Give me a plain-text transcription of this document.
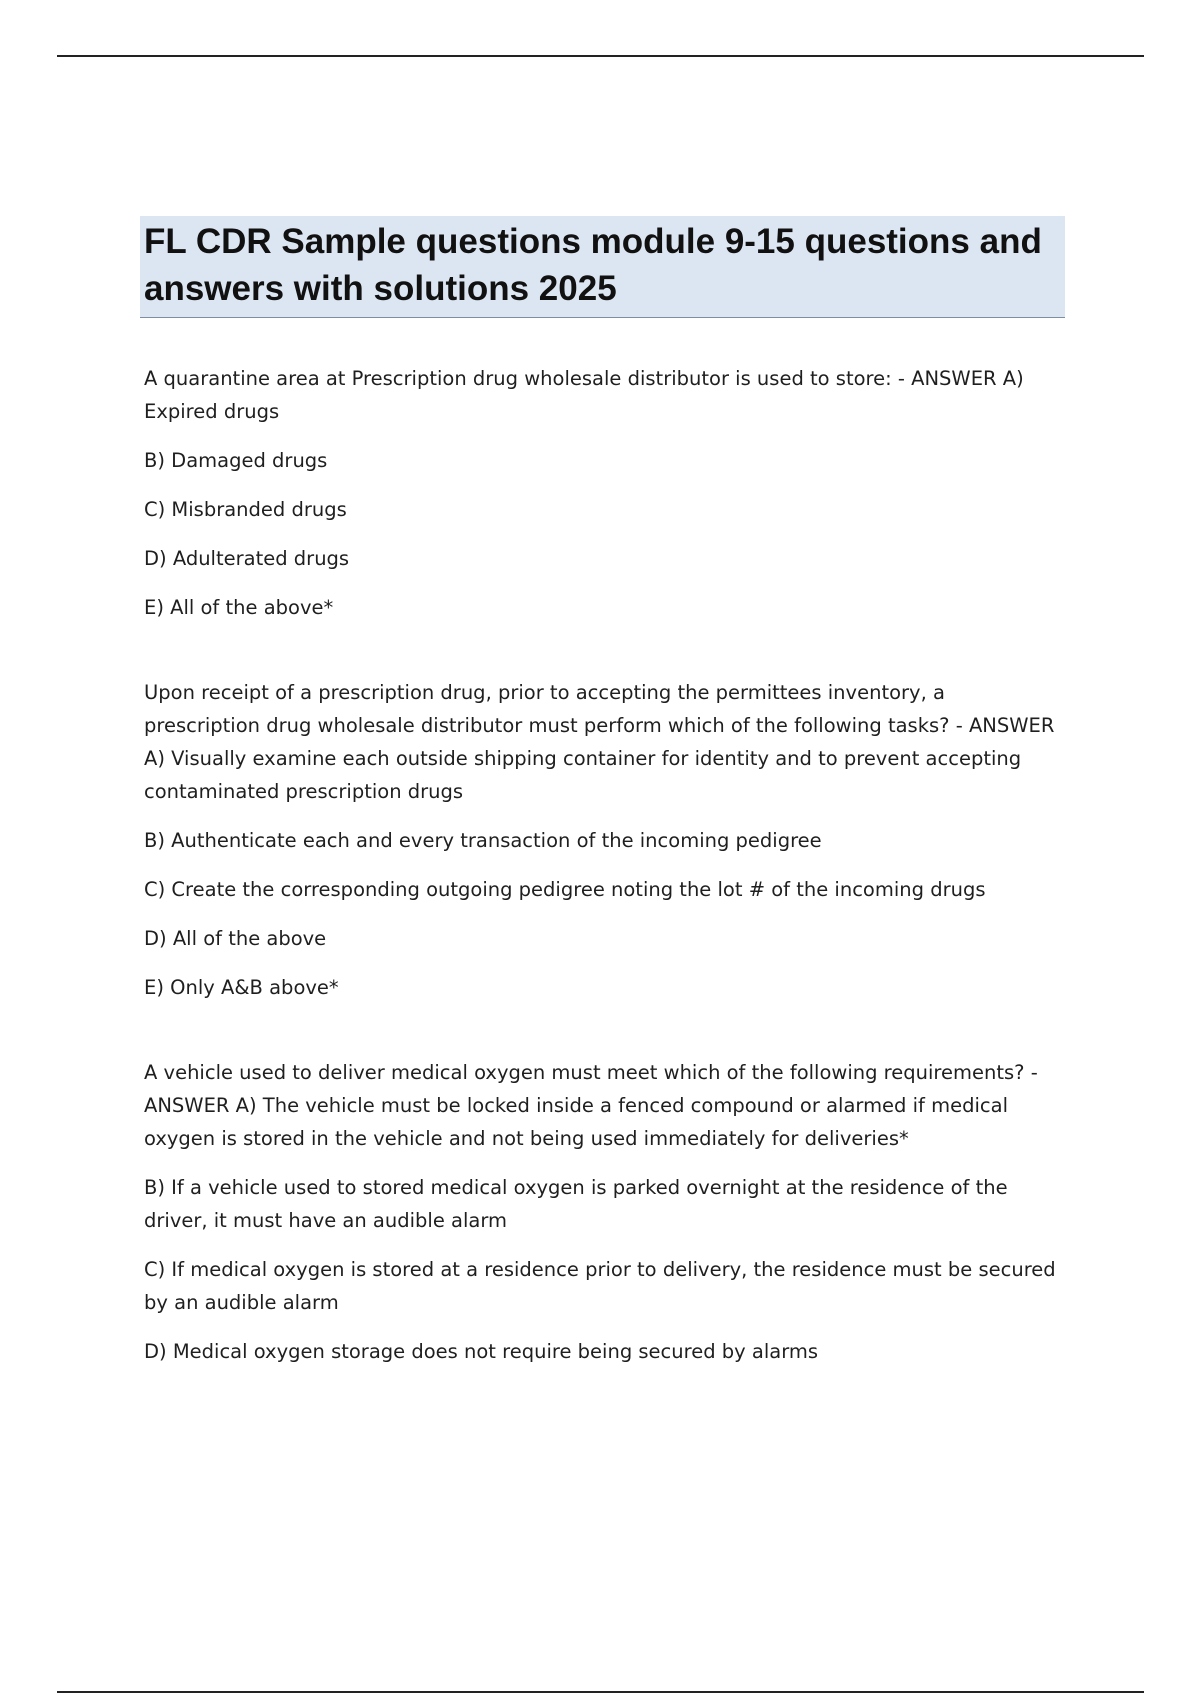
FL CDR Sample questions module 9-15 questions and answers with solutions 2025

A quarantine area at Prescription drug wholesale distributor is used to store: - ANSWER A) Expired drugs

B) Damaged drugs

C) Misbranded drugs

D) Adulterated drugs

E) All of the above*

Upon receipt of a prescription drug, prior to accepting the permittees inventory, a prescription drug wholesale distributor must perform which of the following tasks? - ANSWER A) Visually examine each outside shipping container for identity and to prevent accepting contaminated prescription drugs

B) Authenticate each and every transaction of the incoming pedigree

C) Create the corresponding outgoing pedigree noting the lot # of the incoming drugs

D) All of the above

E) Only A&B above*

A vehicle used to deliver medical oxygen must meet which of the following requirements? - ANSWER A) The vehicle must be locked inside a fenced compound or alarmed if medical oxygen is stored in the vehicle and not being used immediately for deliveries*

B) If a vehicle used to stored medical oxygen is parked overnight at the residence of the driver, it must have an audible alarm

C) If medical oxygen is stored at a residence prior to delivery, the residence must be secured by an audible alarm

D) Medical oxygen storage does not require being secured by alarms
